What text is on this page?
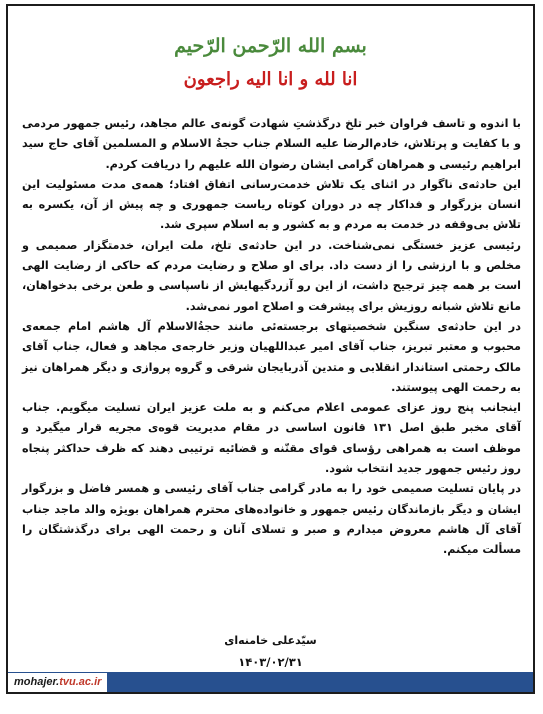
بسم الله الرّحمن الرّحيم
انا لله و انا اليه راجعون

با اندوه و تاسف فراوان خبر تلخ درگذشتِ شهادت گونه‌ی عالم مجاهد، رئیس جمهور مردمی و با کفایت و پرتلاش، خادم‌الرضا علیه السلام جناب حجةُ الاسلام و المسلمین آقای حاج سید ابراهیم رئیسی و همراهان گرامی ایشان رضوان الله علیهم را دریافت کردم.

این حادثه‌ی ناگوار در اثنای یک تلاش خدمت‌رسانی اتفاق افتاد؛ همه‌ی مدت مسئولیت این انسان بزرگوار و فداکار چه در دوران کوتاه ریاست جمهوری و چه پیش از آن، یکسره به تلاش بی‌وقفه در خدمت به مردم و به کشور و به اسلام سپری شد.

رئیسی عزیز خستگی نمی‌شناخت. در این حادثه‌ی تلخ، ملت ایران، خدمتگزار صمیمی و مخلص و با ارزشی را از دست داد. برای او صلاح و رضایت مردم که حاکی از رضایت الهی است بر همه چیز ترجیح داشت، از این رو آزردگیهایش از ناسپاسی و طعن برخی بدخواهان، مانع تلاش شبانه روزیش برای پیشرفت و اصلاح امور نمی‌شد.

در این حادثه‌ی سنگین شخصیتهای برجسته‌ئی مانند حجةُالاسلام آل هاشم امام جمعه‌ی محبوب و معتبر تبریز، جناب آقای امیر عبداللهیان وزیر خارجه‌ی مجاهد و فعال، جناب آقای مالک رحمتی استاندار انقلابی و متدین آذربایجان شرقی و گروه پروازی و دیگر همراهان نیز به رحمت الهی پیوستند.

اینجانب پنج روز عزای عمومی اعلام می‌کنم و به ملت عزیز ایران تسلیت میگویم. جناب آقای مخبر طبق اصل ۱۳۱ قانون اساسی در مقام مدیریت قوه‌ی مجریه قرار میگیرد و موظف است به همراهی رؤسای قوای مقنّنه و قضائیه ترتیبی دهند که ظرف حداکثر پنجاه روز رئیس جمهور جدید انتخاب شود.

در پایان تسلیت صمیمی خود را به مادر گرامی جناب آقای رئیسی و همسر فاضل و بزرگوار ایشان و دیگر بازماندگان رئیس جمهور و خانواده‌های محترم همراهان بویژه والد ماجد جناب آقای آل هاشم معروض میدارم و صبر و تسلای آنان و رحمت الهی برای درگذشتگان را مسألت میکنم.

سیّدعلی خامنه‌ای
۱۴۰۳/۰۲/۳۱
mohajer.tvu.ac.ir
